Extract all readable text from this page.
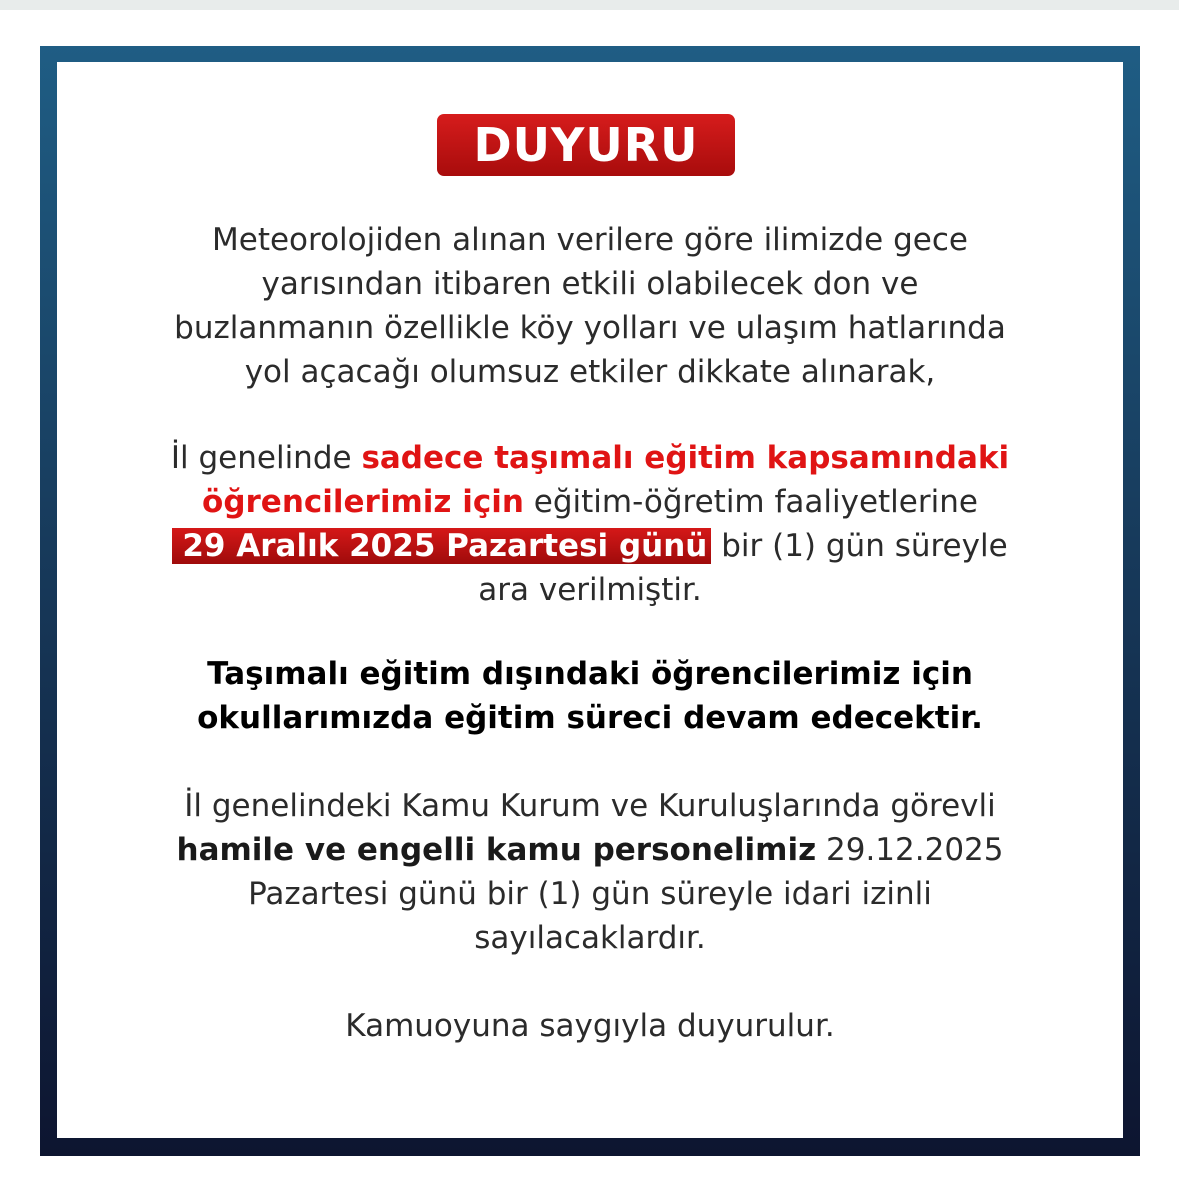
DUYURU
Meteorolojiden alınan verilere göre ilimizde gece
yarısından itibaren etkili olabilecek don ve
buzlanmanın özellikle köy yolları ve ulaşım hatlarında
yol açacağı olumsuz etkiler dikkate alınarak,
İl genelinde sadece taşımalı eğitim kapsamındaki
öğrencilerimiz için eğitim-öğretim faaliyetlerine
29 Aralık 2025 Pazartesi günü bir (1) gün süreyle
ara verilmiştir.
Taşımalı eğitim dışındaki öğrencilerimiz için
okullarımızda eğitim süreci devam edecektir.
İl genelindeki Kamu Kurum ve Kuruluşlarında görevli
hamile ve engelli kamu personelimiz 29.12.2025
Pazartesi günü bir (1) gün süreyle idari izinli
sayılacaklardır.
Kamuoyuna saygıyla duyurulur.
